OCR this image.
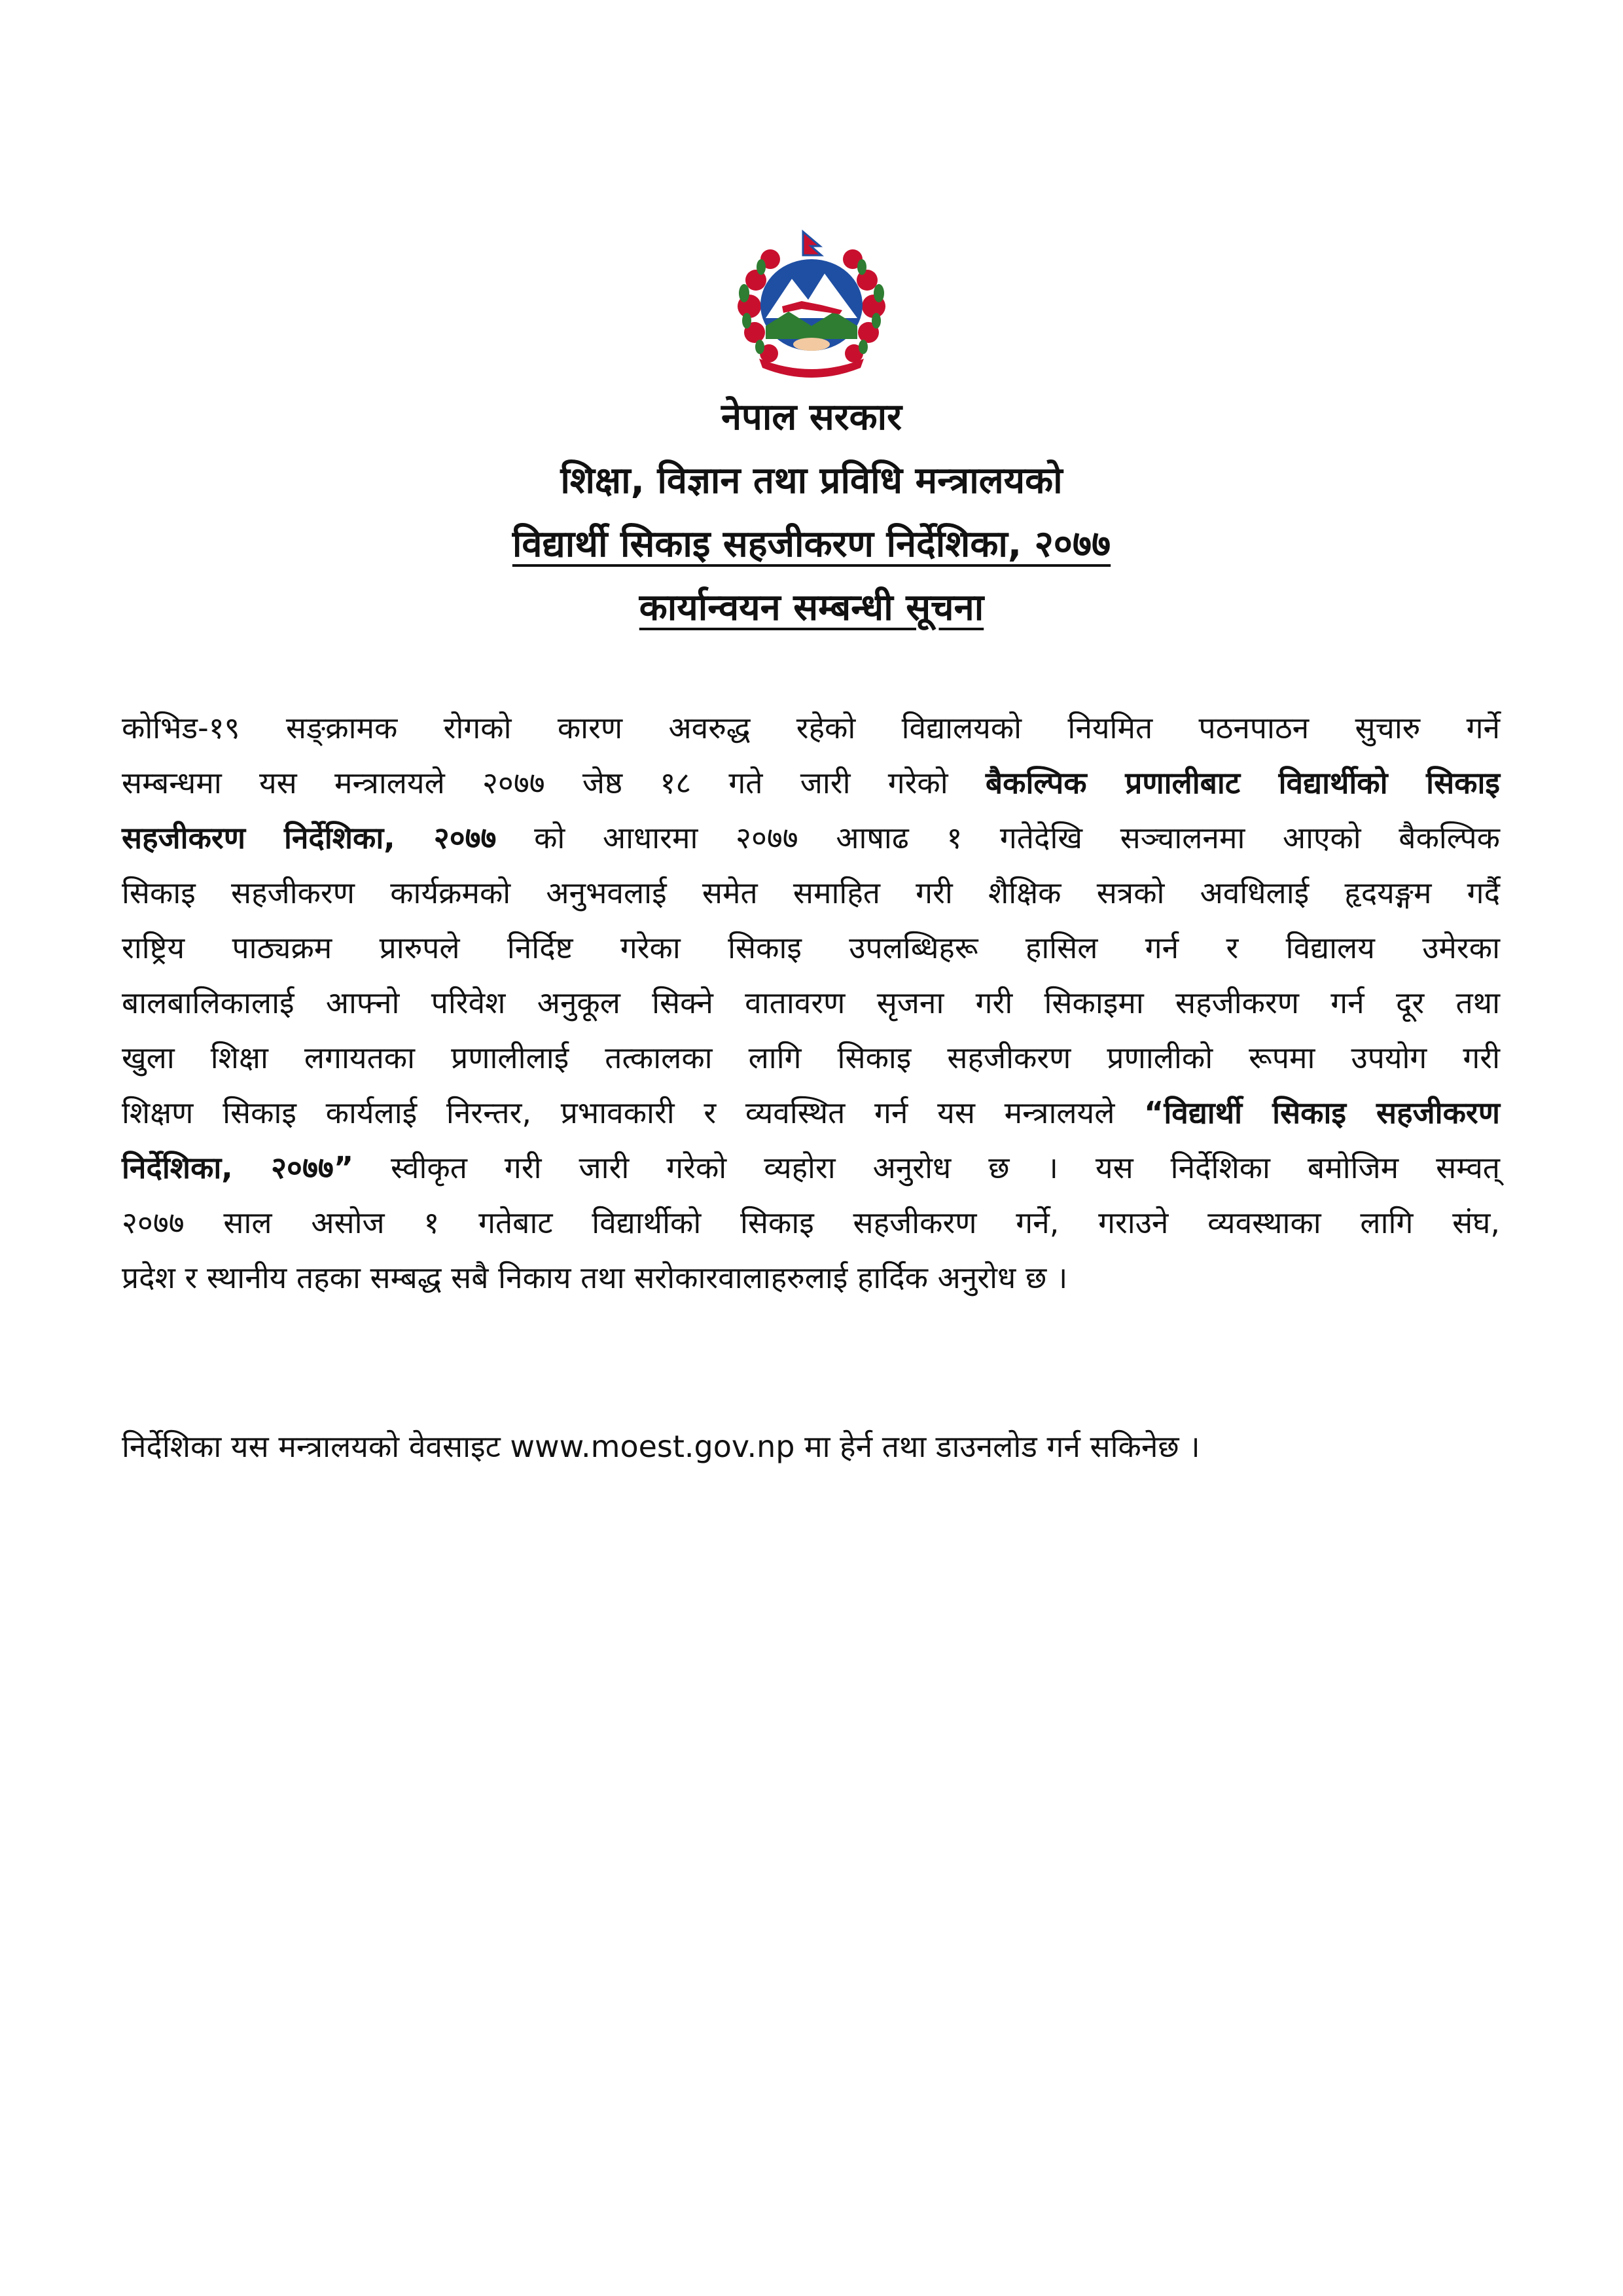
नेपाल सरकार
शिक्षा, विज्ञान तथा प्रविधि मन्त्रालयको
विद्यार्थी सिकाइ सहजीकरण निर्देशिका, २०७७
कार्यान्वयन सम्बन्धी सूचना
कोभिड-१९ सङ्क्रामक रोगको कारण अवरुद्ध रहेको विद्यालयको नियमित पठनपाठन सुचारु गर्ने
सम्बन्धमा यस मन्त्रालयले २०७७ जेष्ठ १८ गते जारी गरेको बैकल्पिक प्रणालीबाट विद्यार्थीको सिकाइ
सहजीकरण निर्देशिका, २०७७ को आधारमा २०७७ आषाढ १ गतेदेखि सञ्चालनमा आएको बैकल्पिक
सिकाइ सहजीकरण कार्यक्रमको अनुभवलाई समेत समाहित गरी शैक्षिक सत्रको अवधिलाई हृदयङ्गम गर्दै
राष्ट्रिय पाठ्यक्रम प्रारुपले निर्दिष्ट गरेका सिकाइ उपलब्धिहरू हासिल गर्न र विद्यालय उमेरका
बालबालिकालाई आफ्नो परिवेश अनुकूल सिक्ने वातावरण सृजना गरी सिकाइमा सहजीकरण गर्न दूर तथा
खुला शिक्षा लगायतका प्रणालीलाई तत्कालका लागि सिकाइ सहजीकरण प्रणालीको रूपमा उपयोग गरी
शिक्षण सिकाइ कार्यलाई निरन्तर, प्रभावकारी र व्यवस्थित गर्न यस मन्त्रालयले “विद्यार्थी सिकाइ सहजीकरण
निर्देशिका, २०७७” स्वीकृत गरी जारी गरेको व्यहोरा अनुरोध छ । यस निर्देशिका बमोजिम सम्वत्
२०७७ साल असोज १ गतेबाट विद्यार्थीको सिकाइ सहजीकरण गर्ने, गराउने व्यवस्थाका लागि संघ,
प्रदेश र स्थानीय तहका सम्बद्ध सबै निकाय तथा सरोकारवालाहरुलाई हार्दिक अनुरोध छ ।
निर्देशिका यस मन्त्रालयको वेवसाइट www.moest.gov.np मा हेर्न तथा डाउनलोड गर्न सकिनेछ ।
